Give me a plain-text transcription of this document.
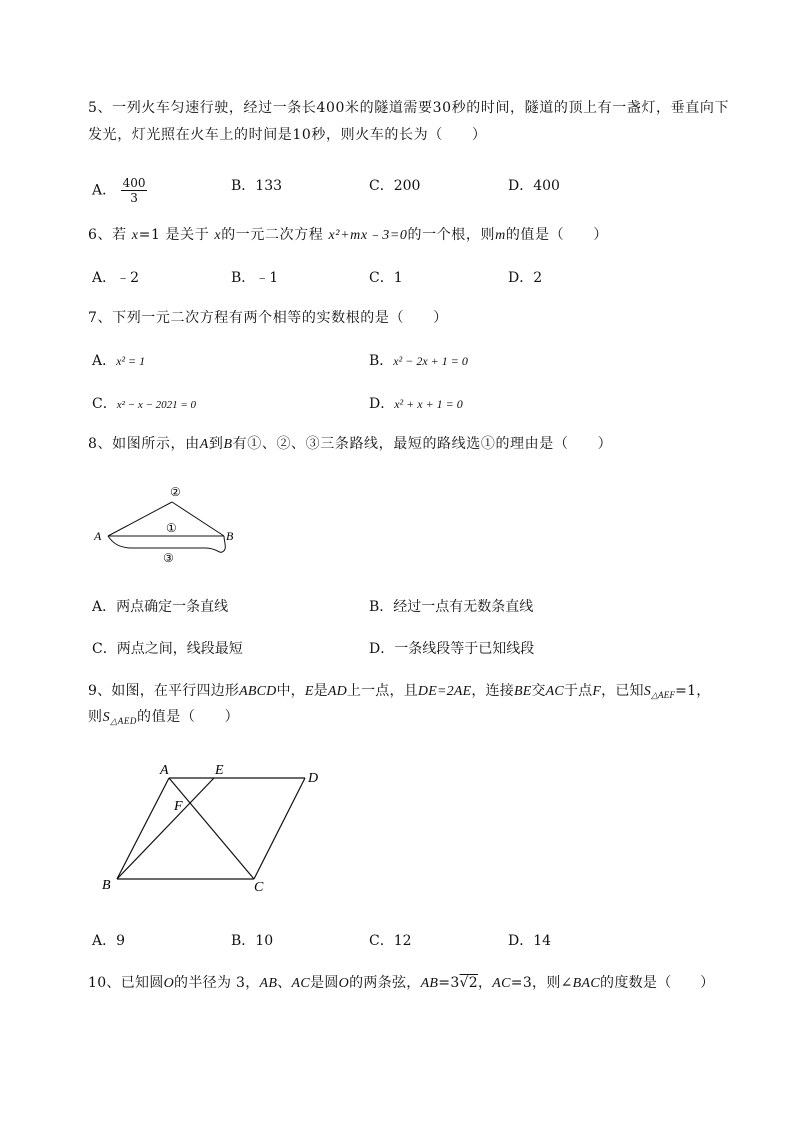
5、一列火车匀速行驶，经过一条长400米的隧道需要30秒的时间，隧道的顶上有一盏灯，垂直向下
发光，灯光照在火车上的时间是10秒，则火车的长为（　　）
A． $\frac{400}{3}$	B．133	C．200	D．400
6、若 x=1 是关于 x的一元二次方程 x²+mx﹣3=0的一个根，则m的值是（　　）
A．﹣2	B．﹣1	C．1	D．2
7、下列一元二次方程有两个相等的实数根的是（　　）
A．x² = 1	B．x² − 2x + 1 = 0
C．x² − x − 2021 = 0	D．x² + x + 1 = 0
8、如图所示，由A到B有①、②、③三条路线，最短的路线选①的理由是（　　）
②
①
③
A	B
A．两点确定一条直线	B．经过一点有无数条直线
C．两点之间，线段最短	D．一条线段等于已知线段
9、如图，在平行四边形ABCD中，E是AD上一点，且DE=2AE，连接BE交AC于点F，已知$S_{\triangle AEF}=1$，
则$S_{\triangle AED}$的值是（　　）
A	E
D
F
B	C
A．9	B．10	C．12	D．14
10、已知圆O的半径为 3，AB、AC是圆O的两条弦，AB=3√2，AC=3，则∠BAC的度数是（　　）
